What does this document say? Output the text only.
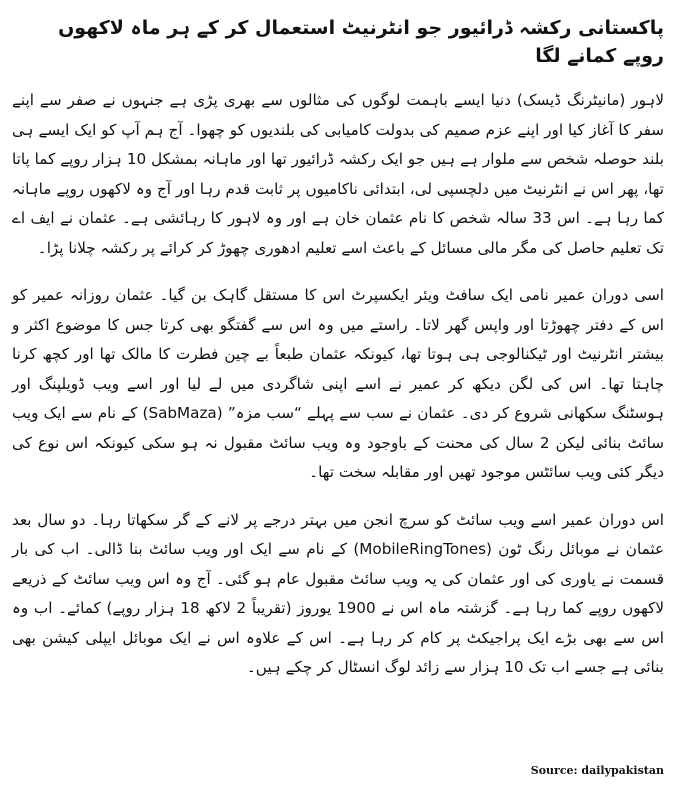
پاکستانی رکشہ ڈرائیور جو انٹرنیٹ استعمال کر کے ہر ماہ لاکھوں روپے کمانے لگا

لاہور (مانیٹرنگ ڈیسک) دنیا ایسے باہمت لوگوں کی مثالوں سے بھری پڑی ہے جنہوں نے صفر سے اپنے سفر کا آغاز کیا اور اپنے عزم صمیم کی بدولت کامیابی کی بلندیوں کو چھوا۔ آج ہم آپ کو ایک ایسے ہی بلند حوصلہ شخص سے ملوار ہے ہیں جو ایک رکشہ ڈرائیور تھا اور ماہانہ بمشکل 10 ہزار روپے کما پاتا تھا، پھر اس نے انٹرنیٹ میں دلچسپی لی، ابتدائی ناکامیوں پر ثابت قدم رہا اور آج وہ لاکھوں روپے ماہانہ کما رہا ہے۔ اس 33 سالہ شخص کا نام عثمان خان ہے اور وہ لاہور کا رہائشی ہے۔ عثمان نے ایف اے تک تعلیم حاصل کی مگر مالی مسائل کے باعث اسے تعلیم ادھوری چھوڑ کر کرائے پر رکشہ چلانا پڑا۔

اسی دوران عمیر نامی ایک سافٹ ویئر ایکسپرٹ اس کا مستقل گاہک بن گیا۔ عثمان روزانہ عمیر کو اس کے دفتر چھوڑتا اور واپس گھر لاتا۔ راستے میں وہ اس سے گفتگو بھی کرتا جس کا موضوع اکثر و بیشتر انٹرنیٹ اور ٹیکنالوجی ہی ہوتا تھا، کیونکہ عثمان طبعاً بے چین فطرت کا مالک تھا اور کچھ کرنا چاہتا تھا۔ اس کی لگن دیکھ کر عمیر نے اسے اپنی شاگردی میں لے لیا اور اسے ویب ڈویلپنگ اور ہوسٹنگ سکھانی شروع کر دی۔ عثمان نے سب سے پہلے “سب مزہ” (SabMaza) کے نام سے ایک ویب سائٹ بنائی لیکن 2 سال کی محنت کے باوجود وہ ویب سائٹ مقبول نہ ہو سکی کیونکہ اس نوع کی دیگر کئی ویب سائٹس موجود تھیں اور مقابلہ سخت تھا۔

اس دوران عمیر اسے ویب سائٹ کو سرچ انجن میں بہتر درجے پر لانے کے گر سکھاتا رہا۔ دو سال بعد عثمان نے موبائل رنگ ٹون (MobileRingTones) کے نام سے ایک اور ویب سائٹ بنا ڈالی۔ اب کی بار قسمت نے یاوری کی اور عثمان کی یہ ویب سائٹ مقبول عام ہو گئی۔ آج وہ اس ویب سائٹ کے ذریعے لاکھوں روپے کما رہا ہے۔ گزشتہ ماہ اس نے 1900 یوروز (تقریباً 2 لاکھ 18 ہزار روپے) کمائے۔ اب وہ اس سے بھی بڑے ایک پراجیکٹ پر کام کر رہا ہے۔ اس کے علاوہ اس نے ایک موبائل ایپلی کیشن بھی بنائی ہے جسے اب تک 10 ہزار سے زائد لوگ انسٹال کر چکے ہیں۔

Source: dailypakistan
